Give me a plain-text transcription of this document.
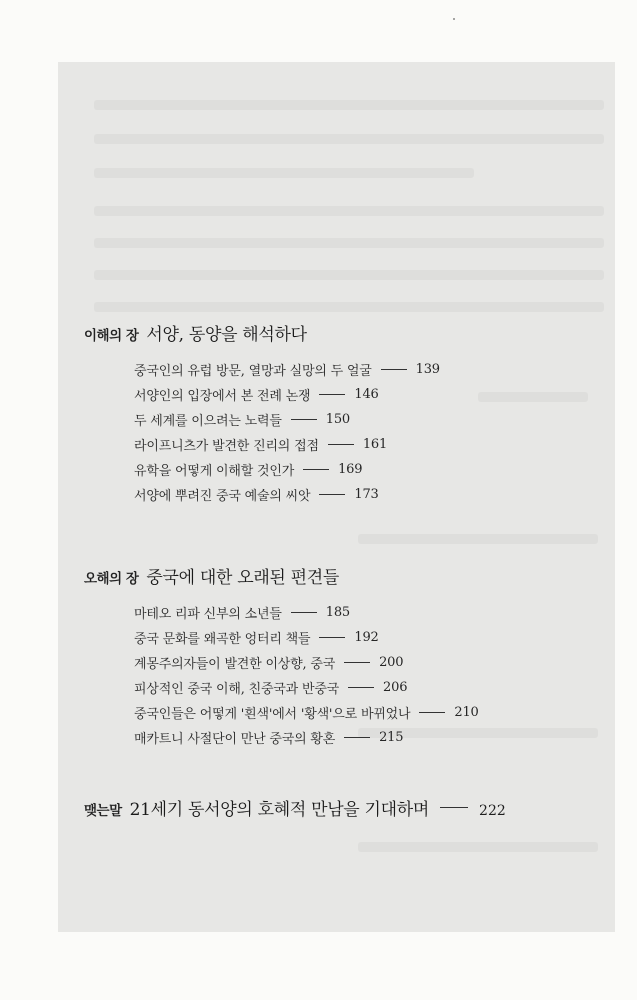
이해의 장 서양, 동양을 해석하다
중국인의 유럽 방문, 열망과 실망의 두 얼굴	139
서양인의 입장에서 본 전례 논쟁	146
두 세계를 이으려는 노력들	150
라이프니츠가 발견한 진리의 접점	161
유학을 어떻게 이해할 것인가	169
서양에 뿌려진 중국 예술의 씨앗	173
오해의 장 중국에 대한 오래된 편견들
마테오 리파 신부의 소년들	185
중국 문화를 왜곡한 엉터리 책들	192
계몽주의자들이 발견한 이상향, 중국	200
피상적인 중국 이해, 친중국과 반중국	206
중국인들은 어떻게 '흰색'에서 '황색'으로 바뀌었나	210
매카트니 사절단이 만난 중국의 황혼	215
맺는말 21세기 동서양의 호혜적 만남을 기대하며	222
